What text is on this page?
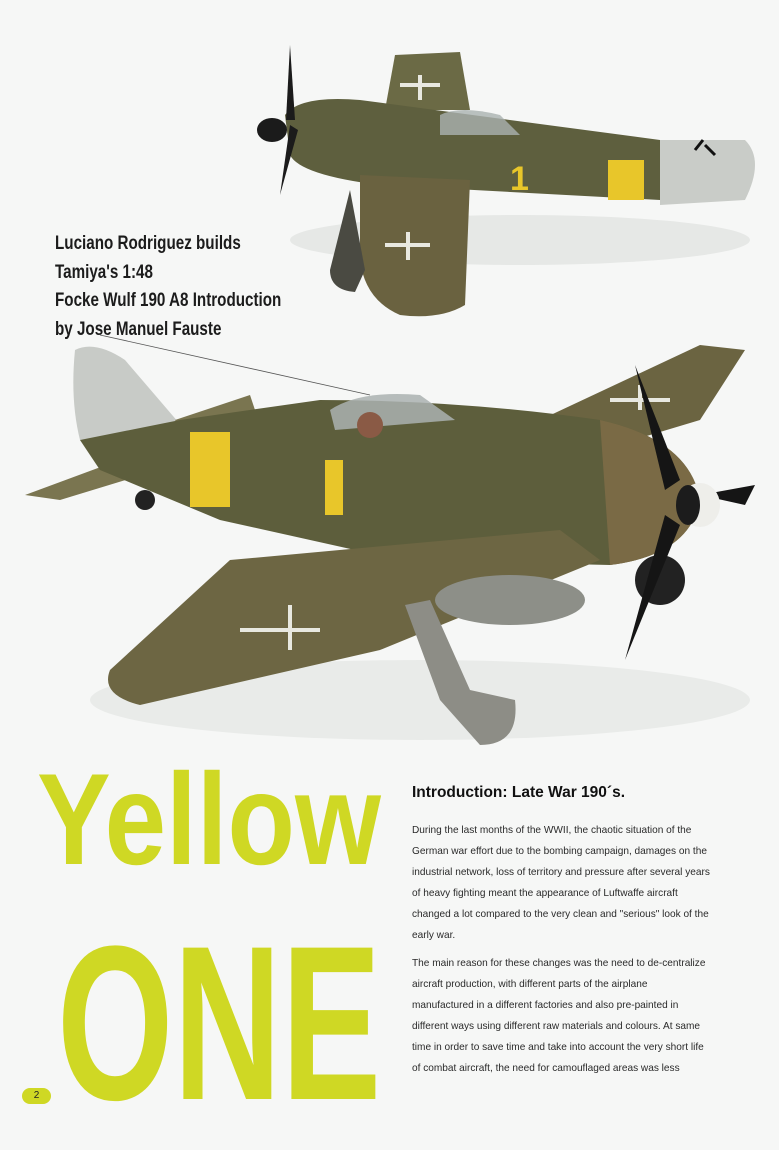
1
Luciano Rodriguez builds
Tamiya's 1:48
Focke Wulf 190 A8 Introduction
by Jose Manuel Fauste
Yellow
ONE
Introduction: Late War 190´s.

During the last months of the WWII, the chaotic situation of the
German war effort due to the bombing campaign, damages on the
industrial network, loss of territory and pressure after several years
of heavy fighting meant the appearance of Luftwaffe aircraft
changed a lot compared to the very clean and "serious" look of the
early war.

The main reason for these changes was the need to de-centralize
aircraft production, with different parts of the airplane
manufactured in a different factories and also pre-painted in
different ways using different raw materials and colours. At same
time in order to save time and take into account the very short life
of combat aircraft, the need for camouflaged areas was less

2
